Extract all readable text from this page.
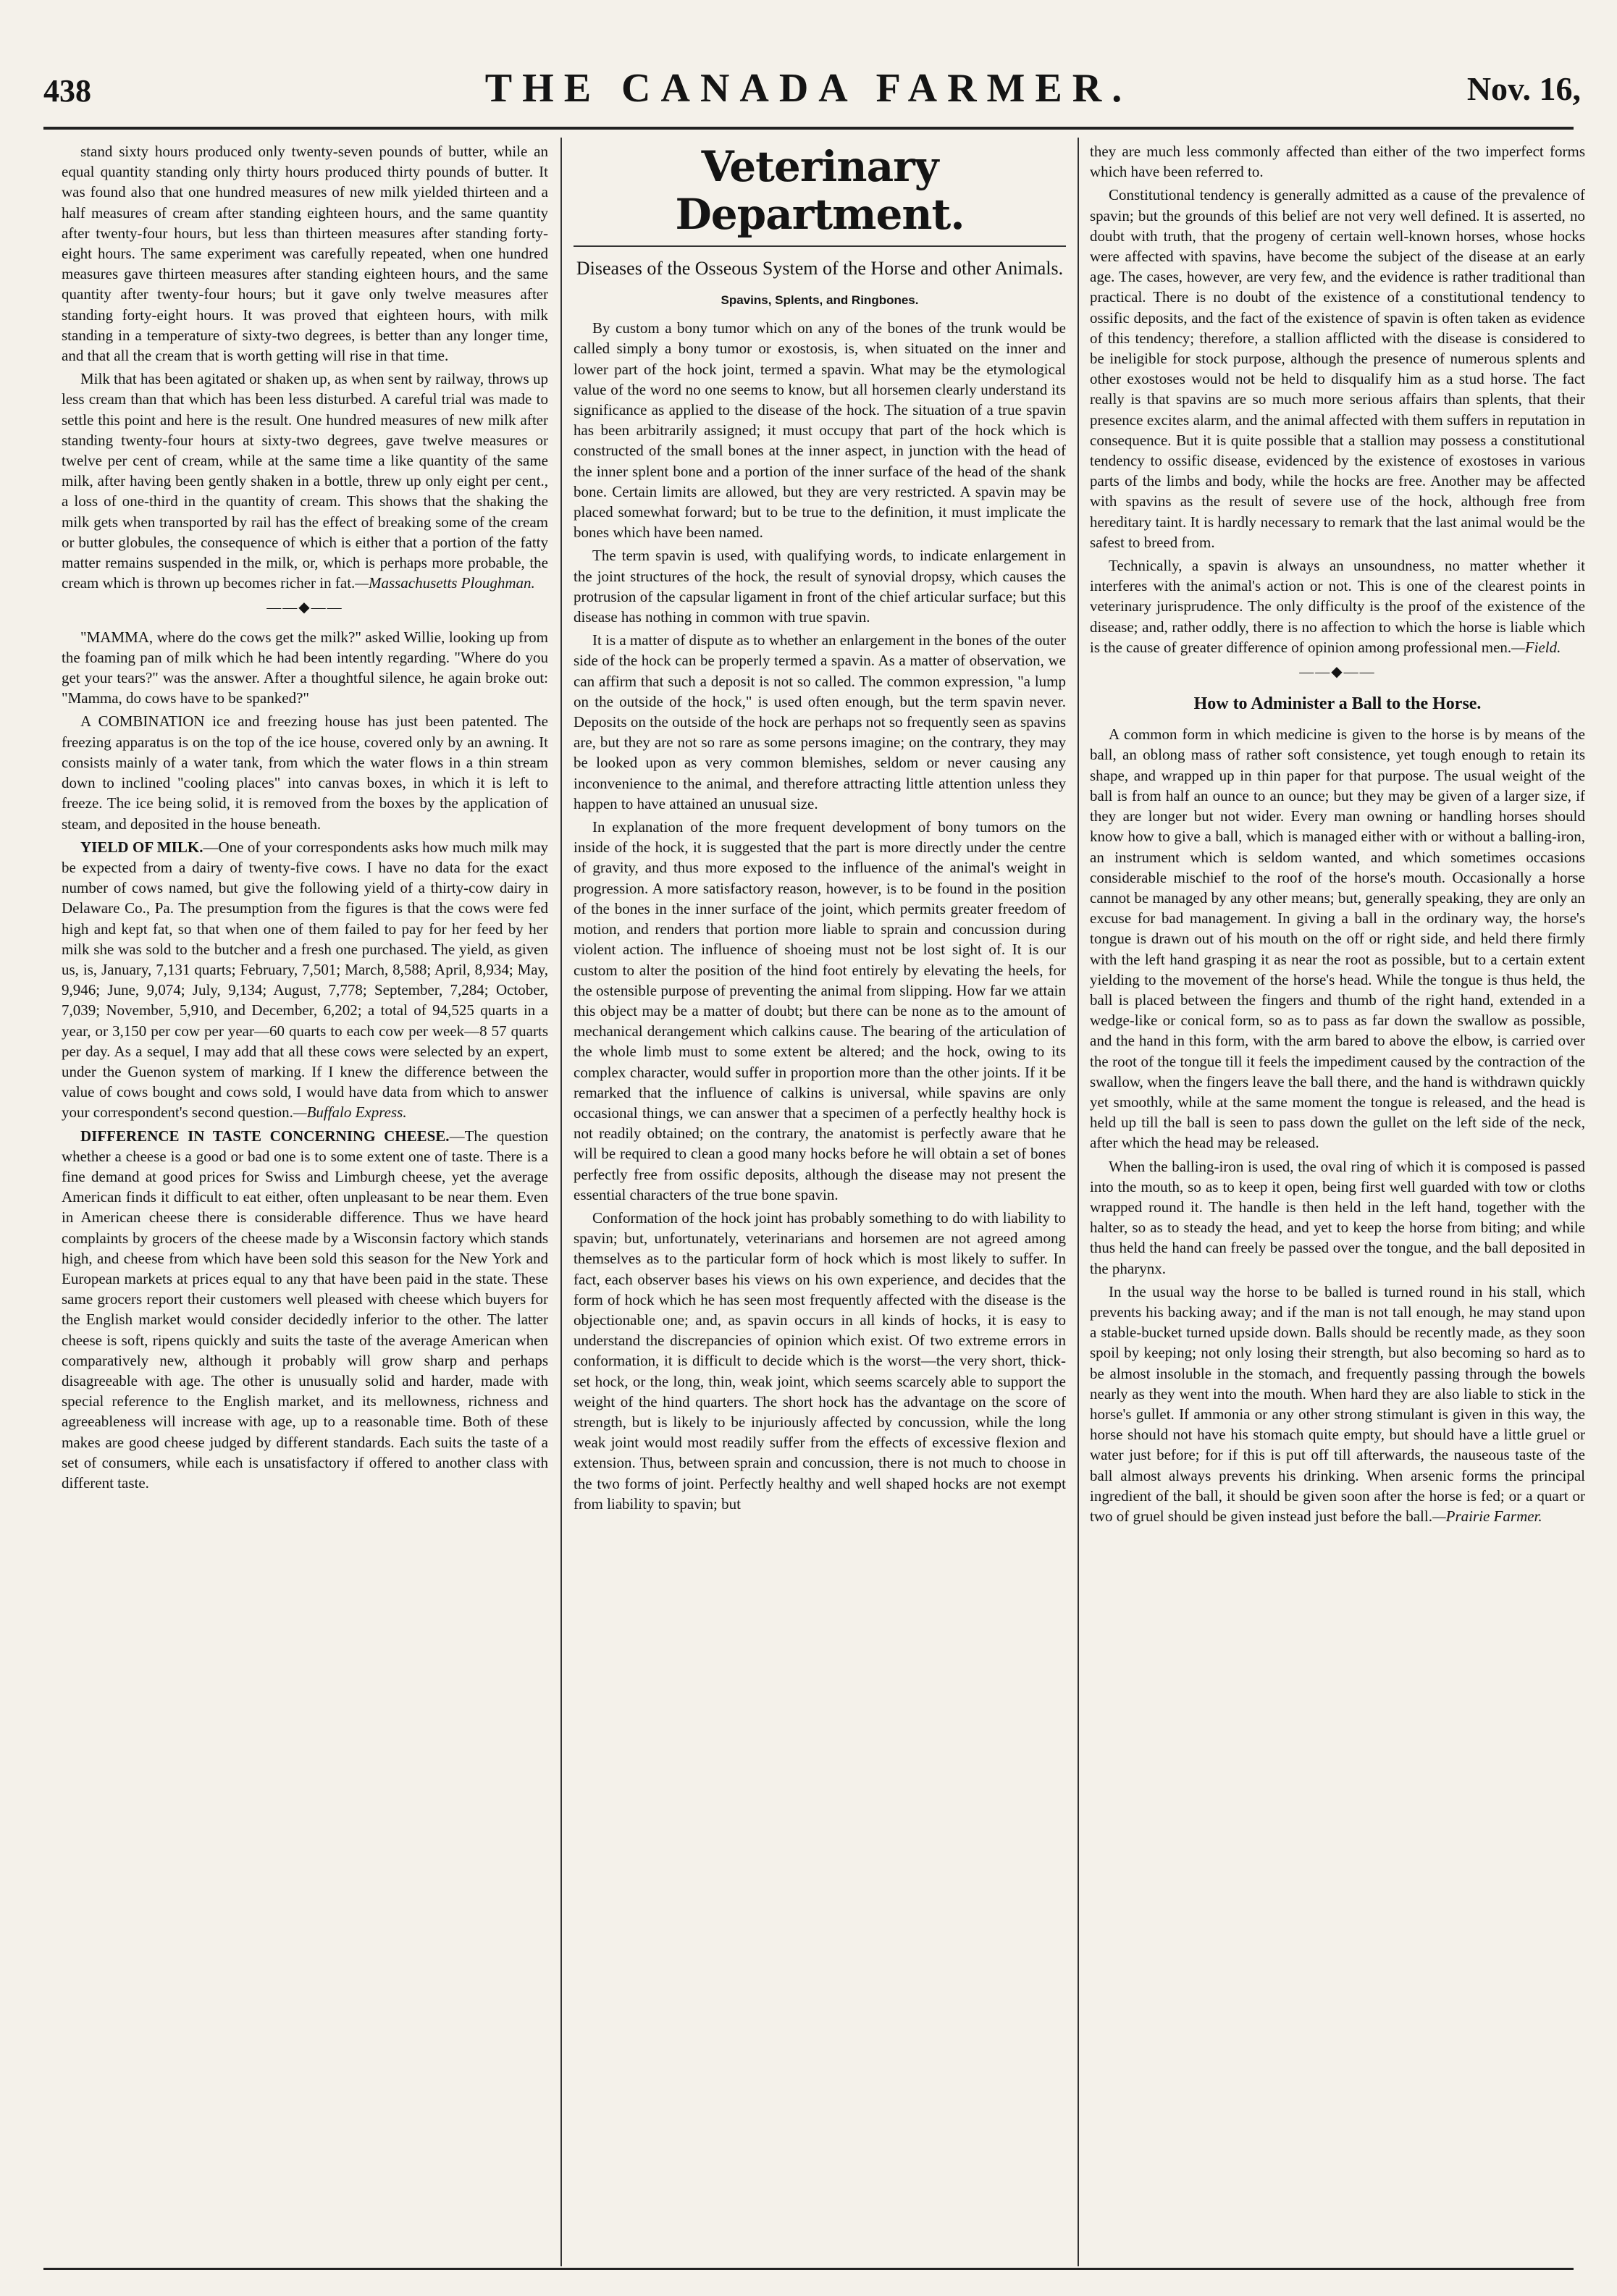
438	THE CANADA FARMER.	Nov. 16,

stand sixty hours produced only twenty-seven pounds of butter, while an equal quantity standing only thirty hours produced thirty pounds of butter. It was found also that one hundred measures of new milk yielded thirteen and a half measures of cream after standing eighteen hours, and the same quantity after twenty-four hours, but less than thirteen measures after standing forty-eight hours. The same experiment was carefully repeated, when one hundred measures gave thirteen measures after standing eighteen hours, and the same quantity after twenty-four hours; but it gave only twelve measures after standing forty-eight hours. It was proved that eighteen hours, with milk standing in a temperature of sixty-two degrees, is better than any longer time, and that all the cream that is worth getting will rise in that time.

Milk that has been agitated or shaken up, as when sent by railway, throws up less cream than that which has been less disturbed. A careful trial was made to settle this point and here is the result. One hundred measures of new milk after standing twenty-four hours at sixty-two degrees, gave twelve measures or twelve per cent of cream, while at the same time a like quantity of the same milk, after having been gently shaken in a bottle, threw up only eight per cent., a loss of one-third in the quantity of cream. This shows that the shaking the milk gets when transported by rail has the effect of breaking some of the cream or butter globules, the consequence of which is either that a portion of the fatty matter remains suspended in the milk, or, which is perhaps more probable, the cream which is thrown up becomes richer in fat.—Massachusetts Ploughman.

——◆——

"MAMMA, where do the cows get the milk?" asked Willie, looking up from the foaming pan of milk which he had been intently regarding. "Where do you get your tears?" was the answer. After a thoughtful silence, he again broke out: "Mamma, do cows have to be spanked?"

A COMBINATION ice and freezing house has just been patented. The freezing apparatus is on the top of the ice house, covered only by an awning. It consists mainly of a water tank, from which the water flows in a thin stream down to inclined "cooling places" into canvas boxes, in which it is left to freeze. The ice being solid, it is removed from the boxes by the application of steam, and deposited in the house beneath.

YIELD OF MILK.—One of your correspondents asks how much milk may be expected from a dairy of twenty-five cows. I have no data for the exact number of cows named, but give the following yield of a thirty-cow dairy in Delaware Co., Pa. The presumption from the figures is that the cows were fed high and kept fat, so that when one of them failed to pay for her feed by her milk she was sold to the butcher and a fresh one purchased. The yield, as given us, is, January, 7,131 quarts; February, 7,501; March, 8,588; April, 8,934; May, 9,946; June, 9,074; July, 9,134; August, 7,778; September, 7,284; October, 7,039; November, 5,910, and December, 6,202; a total of 94,525 quarts in a year, or 3,150 per cow per year—60 quarts to each cow per week—8 57 quarts per day. As a sequel, I may add that all these cows were selected by an expert, under the Guenon system of marking. If I knew the difference between the value of cows bought and cows sold, I would have data from which to answer your correspondent's second question.—Buffalo Express.

DIFFERENCE IN TASTE CONCERNING CHEESE.—The question whether a cheese is a good or bad one is to some extent one of taste. There is a fine demand at good prices for Swiss and Limburgh cheese, yet the average American finds it difficult to eat either, often unpleasant to be near them. Even in American cheese there is considerable difference. Thus we have heard complaints by grocers of the cheese made by a Wisconsin factory which stands high, and cheese from which have been sold this season for the New York and European markets at prices equal to any that have been paid in the state. These same grocers report their customers well pleased with cheese which buyers for the English market would consider decidedly inferior to the other. The latter cheese is soft, ripens quickly and suits the taste of the average American when comparatively new, although it probably will grow sharp and perhaps disagreeable with age. The other is unusually solid and harder, made with special reference to the English market, and its mellowness, richness and agreeableness will increase with age, up to a reasonable time. Both of these makes are good cheese judged by different standards. Each suits the taste of a set of consumers, while each is unsatisfactory if offered to another class with different taste.

Veterinary Department.
Diseases of the Osseous System of the Horse and other Animals.
Spavins, Splents, and Ringbones.

By custom a bony tumor which on any of the bones of the trunk would be called simply a bony tumor or exostosis, is, when situated on the inner and lower part of the hock joint, termed a spavin. What may be the etymological value of the word no one seems to know, but all horsemen clearly understand its significance as applied to the disease of the hock. The situation of a true spavin has been arbitrarily assigned; it must occupy that part of the hock which is constructed of the small bones at the inner aspect, in junction with the head of the inner splent bone and a portion of the inner surface of the head of the shank bone. Certain limits are allowed, but they are very restricted. A spavin may be placed somewhat forward; but to be true to the definition, it must implicate the bones which have been named.

The term spavin is used, with qualifying words, to indicate enlargement in the joint structures of the hock, the result of synovial dropsy, which causes the protrusion of the capsular ligament in front of the chief articular surface; but this disease has nothing in common with true spavin.

It is a matter of dispute as to whether an enlargement in the bones of the outer side of the hock can be properly termed a spavin. As a matter of observation, we can affirm that such a deposit is not so called. The common expression, "a lump on the outside of the hock," is used often enough, but the term spavin never. Deposits on the outside of the hock are perhaps not so frequently seen as spavins are, but they are not so rare as some persons imagine; on the contrary, they may be looked upon as very common blemishes, seldom or never causing any inconvenience to the animal, and therefore attracting little attention unless they happen to have attained an unusual size.

In explanation of the more frequent development of bony tumors on the inside of the hock, it is suggested that the part is more directly under the centre of gravity, and thus more exposed to the influence of the animal's weight in progression. A more satisfactory reason, however, is to be found in the position of the bones in the inner surface of the joint, which permits greater freedom of motion, and renders that portion more liable to sprain and concussion during violent action. The influence of shoeing must not be lost sight of. It is our custom to alter the position of the hind foot entirely by elevating the heels, for the ostensible purpose of preventing the animal from slipping. How far we attain this object may be a matter of doubt; but there can be none as to the amount of mechanical derangement which calkins cause. The bearing of the articulation of the whole limb must to some extent be altered; and the hock, owing to its complex character, would suffer in proportion more than the other joints. If it be remarked that the influence of calkins is universal, while spavins are only occasional things, we can answer that a specimen of a perfectly healthy hock is not readily obtained; on the contrary, the anatomist is perfectly aware that he will be required to clean a good many hocks before he will obtain a set of bones perfectly free from ossific deposits, although the disease may not present the essential characters of the true bone spavin.

Conformation of the hock joint has probably something to do with liability to spavin; but, unfortunately, veterinarians and horsemen are not agreed among themselves as to the particular form of hock which is most likely to suffer. In fact, each observer bases his views on his own experience, and decides that the form of hock which he has seen most frequently affected with the disease is the objectionable one; and, as spavin occurs in all kinds of hocks, it is easy to understand the discrepancies of opinion which exist. Of two extreme errors in conformation, it is difficult to decide which is the worst—the very short, thick-set hock, or the long, thin, weak joint, which seems scarcely able to support the weight of the hind quarters. The short hock has the advantage on the score of strength, but is likely to be injuriously affected by concussion, while the long weak joint would most readily suffer from the effects of excessive flexion and extension. Thus, between sprain and concussion, there is not much to choose in the two forms of joint. Perfectly healthy and well shaped hocks are not exempt from liability to spavin; but

they are much less commonly affected than either of the two imperfect forms which have been referred to.

Constitutional tendency is generally admitted as a cause of the prevalence of spavin; but the grounds of this belief are not very well defined. It is asserted, no doubt with truth, that the progeny of certain well-known horses, whose hocks were affected with spavins, have become the subject of the disease at an early age. The cases, however, are very few, and the evidence is rather traditional than practical. There is no doubt of the existence of a constitutional tendency to ossific deposits, and the fact of the existence of spavin is often taken as evidence of this tendency; therefore, a stallion afflicted with the disease is considered to be ineligible for stock purpose, although the presence of numerous splents and other exostoses would not be held to disqualify him as a stud horse. The fact really is that spavins are so much more serious affairs than splents, that their presence excites alarm, and the animal affected with them suffers in reputation in consequence. But it is quite possible that a stallion may possess a constitutional tendency to ossific disease, evidenced by the existence of exostoses in various parts of the limbs and body, while the hocks are free. Another may be affected with spavins as the result of severe use of the hock, although free from hereditary taint. It is hardly necessary to remark that the last animal would be the safest to breed from.

Technically, a spavin is always an unsoundness, no matter whether it interferes with the animal's action or not. This is one of the clearest points in veterinary jurisprudence. The only difficulty is the proof of the existence of the disease; and, rather oddly, there is no affection to which the horse is liable which is the cause of greater difference of opinion among professional men.—Field.

——◆——
How to Administer a Ball to the Horse.

A common form in which medicine is given to the horse is by means of the ball, an oblong mass of rather soft consistence, yet tough enough to retain its shape, and wrapped up in thin paper for that purpose. The usual weight of the ball is from half an ounce to an ounce; but they may be given of a larger size, if they are longer but not wider. Every man owning or handling horses should know how to give a ball, which is managed either with or without a balling-iron, an instrument which is seldom wanted, and which sometimes occasions considerable mischief to the roof of the horse's mouth. Occasionally a horse cannot be managed by any other means; but, generally speaking, they are only an excuse for bad management. In giving a ball in the ordinary way, the horse's tongue is drawn out of his mouth on the off or right side, and held there firmly with the left hand grasping it as near the root as possible, but to a certain extent yielding to the movement of the horse's head. While the tongue is thus held, the ball is placed between the fingers and thumb of the right hand, extended in a wedge-like or conical form, so as to pass as far down the swallow as possible, and the hand in this form, with the arm bared to above the elbow, is carried over the root of the tongue till it feels the impediment caused by the contraction of the swallow, when the fingers leave the ball there, and the hand is withdrawn quickly yet smoothly, while at the same moment the tongue is released, and the head is held up till the ball is seen to pass down the gullet on the left side of the neck, after which the head may be released.

When the balling-iron is used, the oval ring of which it is composed is passed into the mouth, so as to keep it open, being first well guarded with tow or cloths wrapped round it. The handle is then held in the left hand, together with the halter, so as to steady the head, and yet to keep the horse from biting; and while thus held the hand can freely be passed over the tongue, and the ball deposited in the pharynx.

In the usual way the horse to be balled is turned round in his stall, which prevents his backing away; and if the man is not tall enough, he may stand upon a stable-bucket turned upside down. Balls should be recently made, as they soon spoil by keeping; not only losing their strength, but also becoming so hard as to be almost insoluble in the stomach, and frequently passing through the bowels nearly as they went into the mouth. When hard they are also liable to stick in the horse's gullet. If ammonia or any other strong stimulant is given in this way, the horse should not have his stomach quite empty, but should have a little gruel or water just before; for if this is put off till afterwards, the nauseous taste of the ball almost always prevents his drinking. When arsenic forms the principal ingredient of the ball, it should be given soon after the horse is fed; or a quart or two of gruel should be given instead just before the ball.—Prairie Farmer.
